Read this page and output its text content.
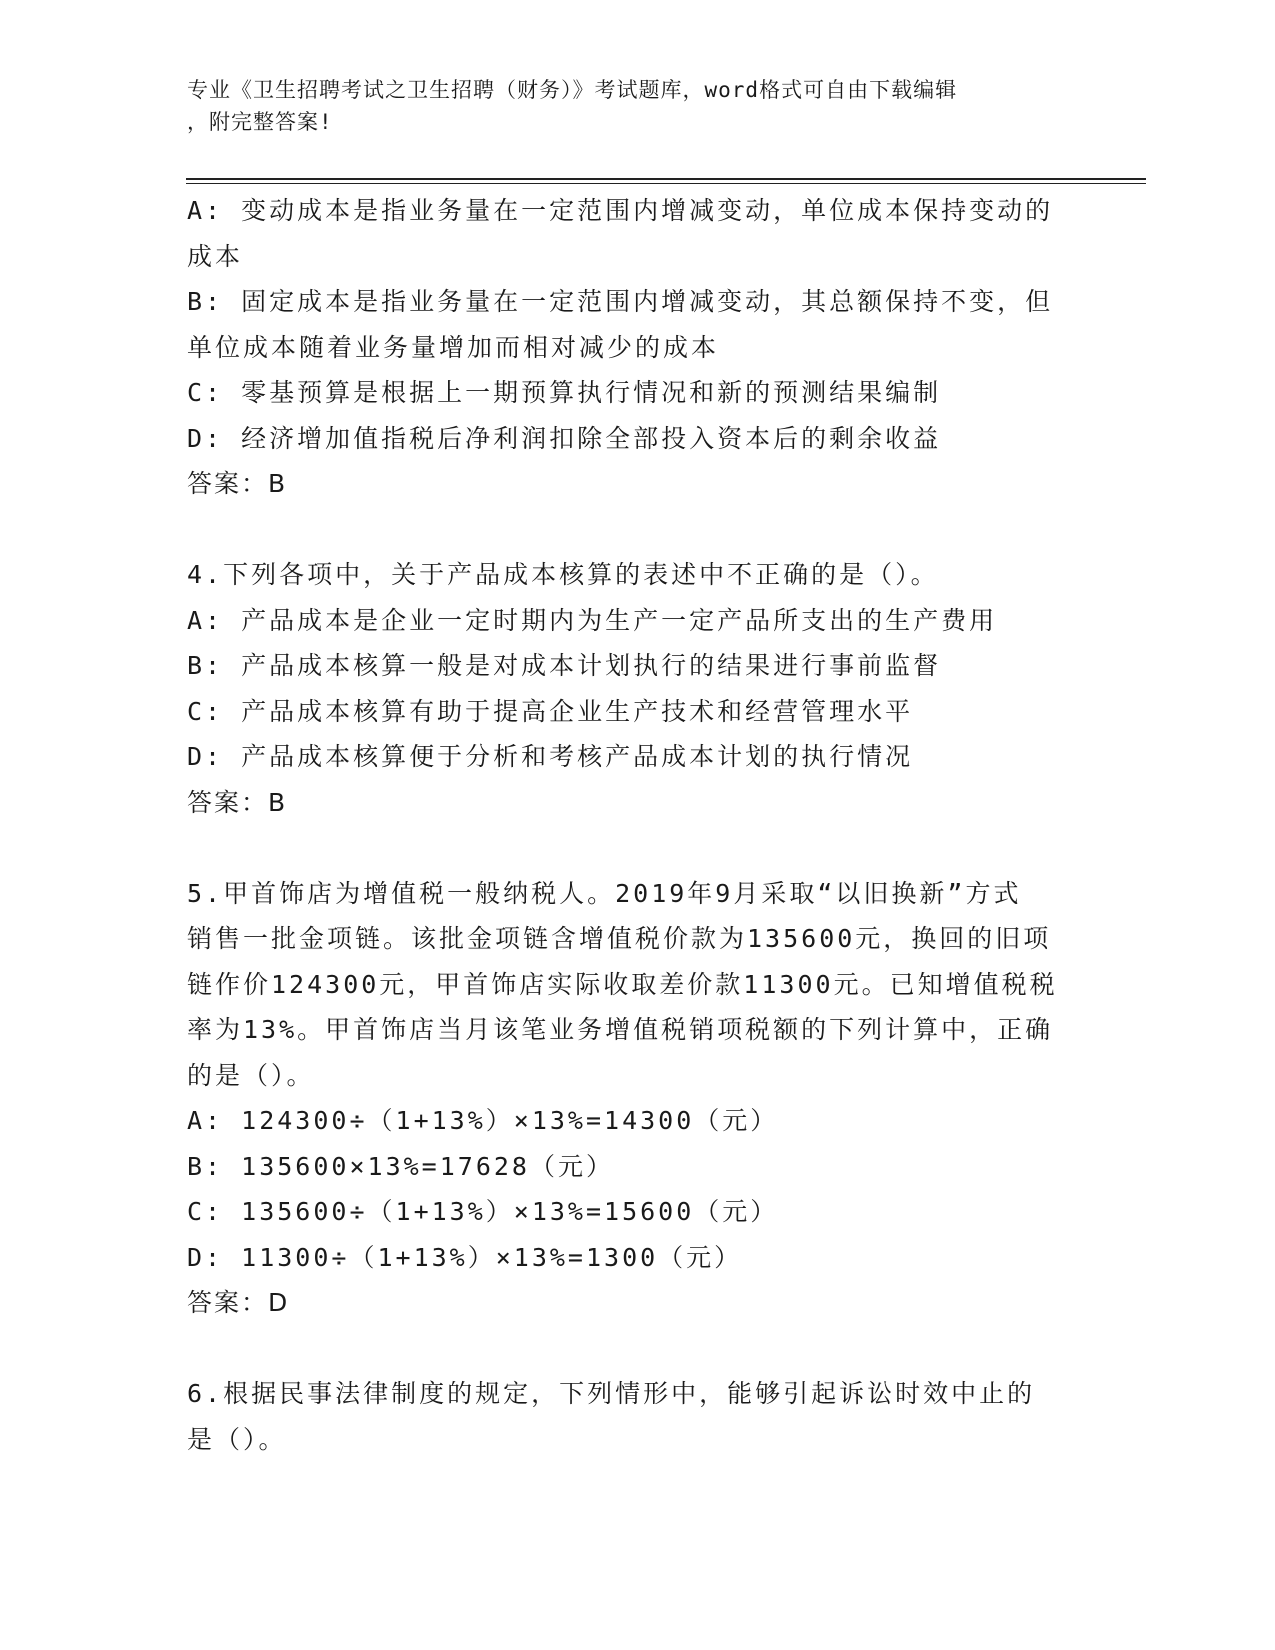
专业《卫生招聘考试之卫生招聘（财务）》考试题库，word格式可自由下载编辑
，附完整答案!
A: 变动成本是指业务量在一定范围内增减变动，单位成本保持变动的
成本
B: 固定成本是指业务量在一定范围内增减变动，其总额保持不变，但
单位成本随着业务量增加而相对减少的成本
C: 零基预算是根据上一期预算执行情况和新的预测结果编制
D: 经济增加值指税后净利润扣除全部投入资本后的剩余收益
答案：B
4.下列各项中，关于产品成本核算的表述中不正确的是（）。
A: 产品成本是企业一定时期内为生产一定产品所支出的生产费用
B: 产品成本核算一般是对成本计划执行的结果进行事前监督
C: 产品成本核算有助于提高企业生产技术和经营管理水平
D: 产品成本核算便于分析和考核产品成本计划的执行情况
答案：B
5.甲首饰店为增值税一般纳税人。2019年9月采取“以旧换新”方式
销售一批金项链。该批金项链含增值税价款为135600元，换回的旧项
链作价124300元，甲首饰店实际收取差价款11300元。已知增值税税
率为13%。甲首饰店当月该笔业务增值税销项税额的下列计算中，正确
的是（）。
A: 124300÷（1+13%）×13%=14300（元）
B: 135600×13%=17628（元）
C: 135600÷（1+13%）×13%=15600（元）
D: 11300÷（1+13%）×13%=1300（元）
答案：D
6.根据民事法律制度的规定，下列情形中，能够引起诉讼时效中止的
是（）。
